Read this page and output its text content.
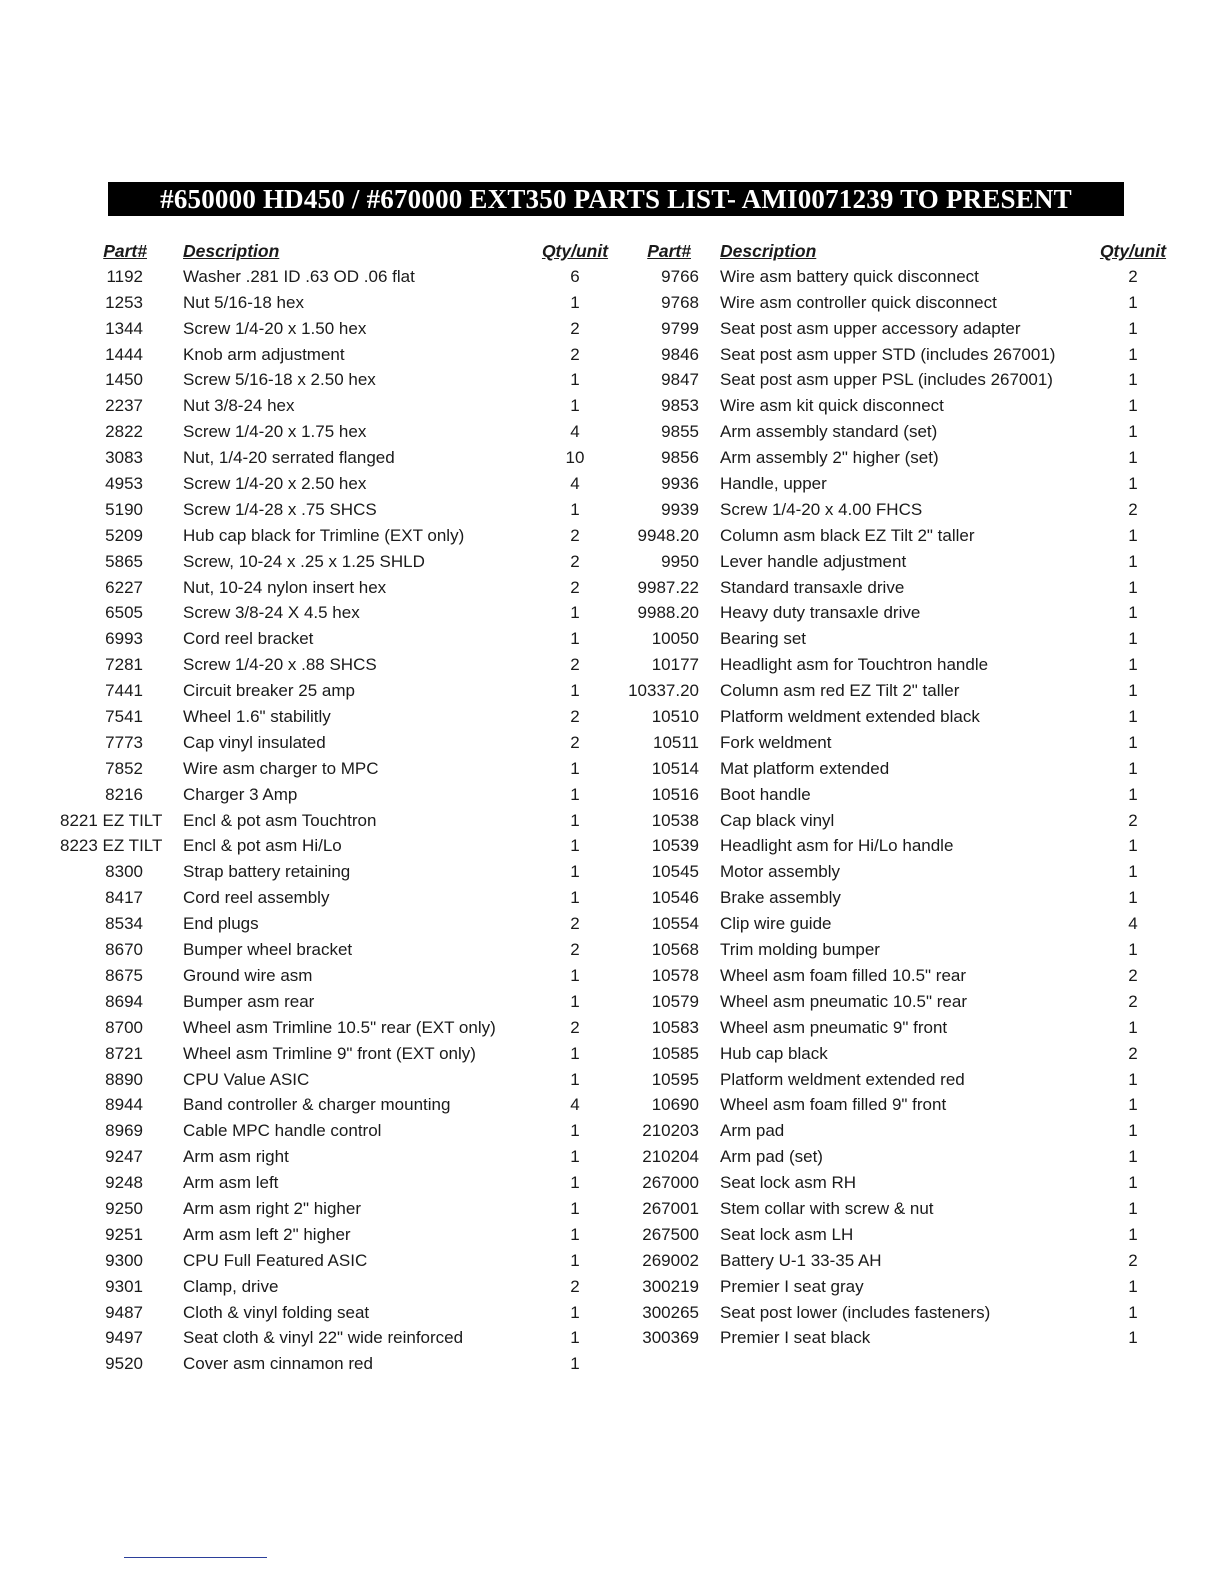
#650000 HD450 / #670000 EXT350 PARTS LIST- AMI0071239 TO PRESENT
Part# Description	Qty/unit
1192 Washer .281 ID .63 OD .06 flat	6
1253 Nut 5/16-18 hex	1
1344 Screw 1/4-20 x 1.50 hex	2
1444 Knob arm adjustment	2
1450 Screw 5/16-18 x 2.50 hex	1
2237 Nut 3/8-24 hex	1
2822 Screw 1/4-20 x 1.75 hex	4
3083 Nut, 1/4-20 serrated flanged	10
4953 Screw 1/4-20 x 2.50 hex	4
5190 Screw 1/4-28 x .75 SHCS	1
5209 Hub cap black for Trimline (EXT only)	2
5865 Screw, 10-24 x .25 x 1.25 SHLD	2
6227 Nut, 10-24 nylon insert hex	2
6505 Screw 3/8-24 X 4.5 hex	1
6993 Cord reel bracket	1
7281 Screw 1/4-20 x .88 SHCS	2
7441 Circuit breaker 25 amp	1
7541 Wheel 1.6" stabilitly	2
7773 Cap vinyl insulated	2
7852 Wire asm charger to MPC	1
8216 Charger 3 Amp	1
8221 EZ TILT Encl & pot asm Touchtron	1
8223 EZ TILT Encl & pot asm Hi/Lo	1
8300 Strap battery retaining	1
8417 Cord reel assembly	1
8534 End plugs	2
8670 Bumper wheel bracket	2
8675 Ground wire asm	1
8694 Bumper asm rear	1
8700 Wheel asm Trimline 10.5" rear (EXT only)	2
8721 Wheel asm Trimline 9" front (EXT only)	1
8890 CPU Value ASIC	1
8944 Band controller & charger mounting	4
8969 Cable MPC handle control	1
9247 Arm asm right	1
9248 Arm asm left	1
9250 Arm asm right 2" higher	1
9251 Arm asm left 2" higher	1
9300 CPU Full Featured ASIC	1
9301 Clamp, drive	2
9487 Cloth & vinyl folding seat	1
9497 Seat cloth & vinyl 22" wide reinforced	1
9520 Cover asm cinnamon red	1
Part# Description	Qty/unit
9766 Wire asm battery quick disconnect	2
9768 Wire asm controller quick disconnect	1
9799 Seat post asm upper accessory adapter	1
9846 Seat post asm upper STD (includes 267001)	1
9847 Seat post asm upper PSL (includes 267001)	1
9853 Wire asm kit quick disconnect	1
9855 Arm assembly standard (set)	1
9856 Arm assembly 2" higher (set)	1
9936 Handle, upper	1
9939 Screw 1/4-20 x 4.00 FHCS	2
9948.20 Column asm black EZ Tilt 2" taller	1
9950 Lever handle adjustment	1
9987.22 Standard transaxle drive	1
9988.20 Heavy duty transaxle drive	1
10050 Bearing set	1
10177 Headlight asm for Touchtron handle	1
10337.20 Column asm red EZ Tilt 2" taller	1
10510 Platform weldment extended black	1
10511 Fork weldment	1
10514 Mat platform extended	1
10516 Boot handle	1
10538 Cap black vinyl	2
10539 Headlight asm for Hi/Lo handle	1
10545 Motor assembly	1
10546 Brake assembly	1
10554 Clip wire guide	4
10568 Trim molding bumper	1
10578 Wheel asm foam filled 10.5" rear	2
10579 Wheel asm pneumatic 10.5" rear	2
10583 Wheel asm pneumatic 9" front	1
10585 Hub cap black	2
10595 Platform weldment extended red	1
10690 Wheel asm foam filled 9" front	1
210203 Arm pad	1
210204 Arm pad (set)	1
267000 Seat lock asm RH	1
267001 Stem collar with screw & nut	1
267500 Seat lock asm LH	1
269002 Battery U-1 33-35 AH	2
300219 Premier I seat gray	1
300265 Seat post lower (includes fasteners)	1
300369 Premier I seat black	1
